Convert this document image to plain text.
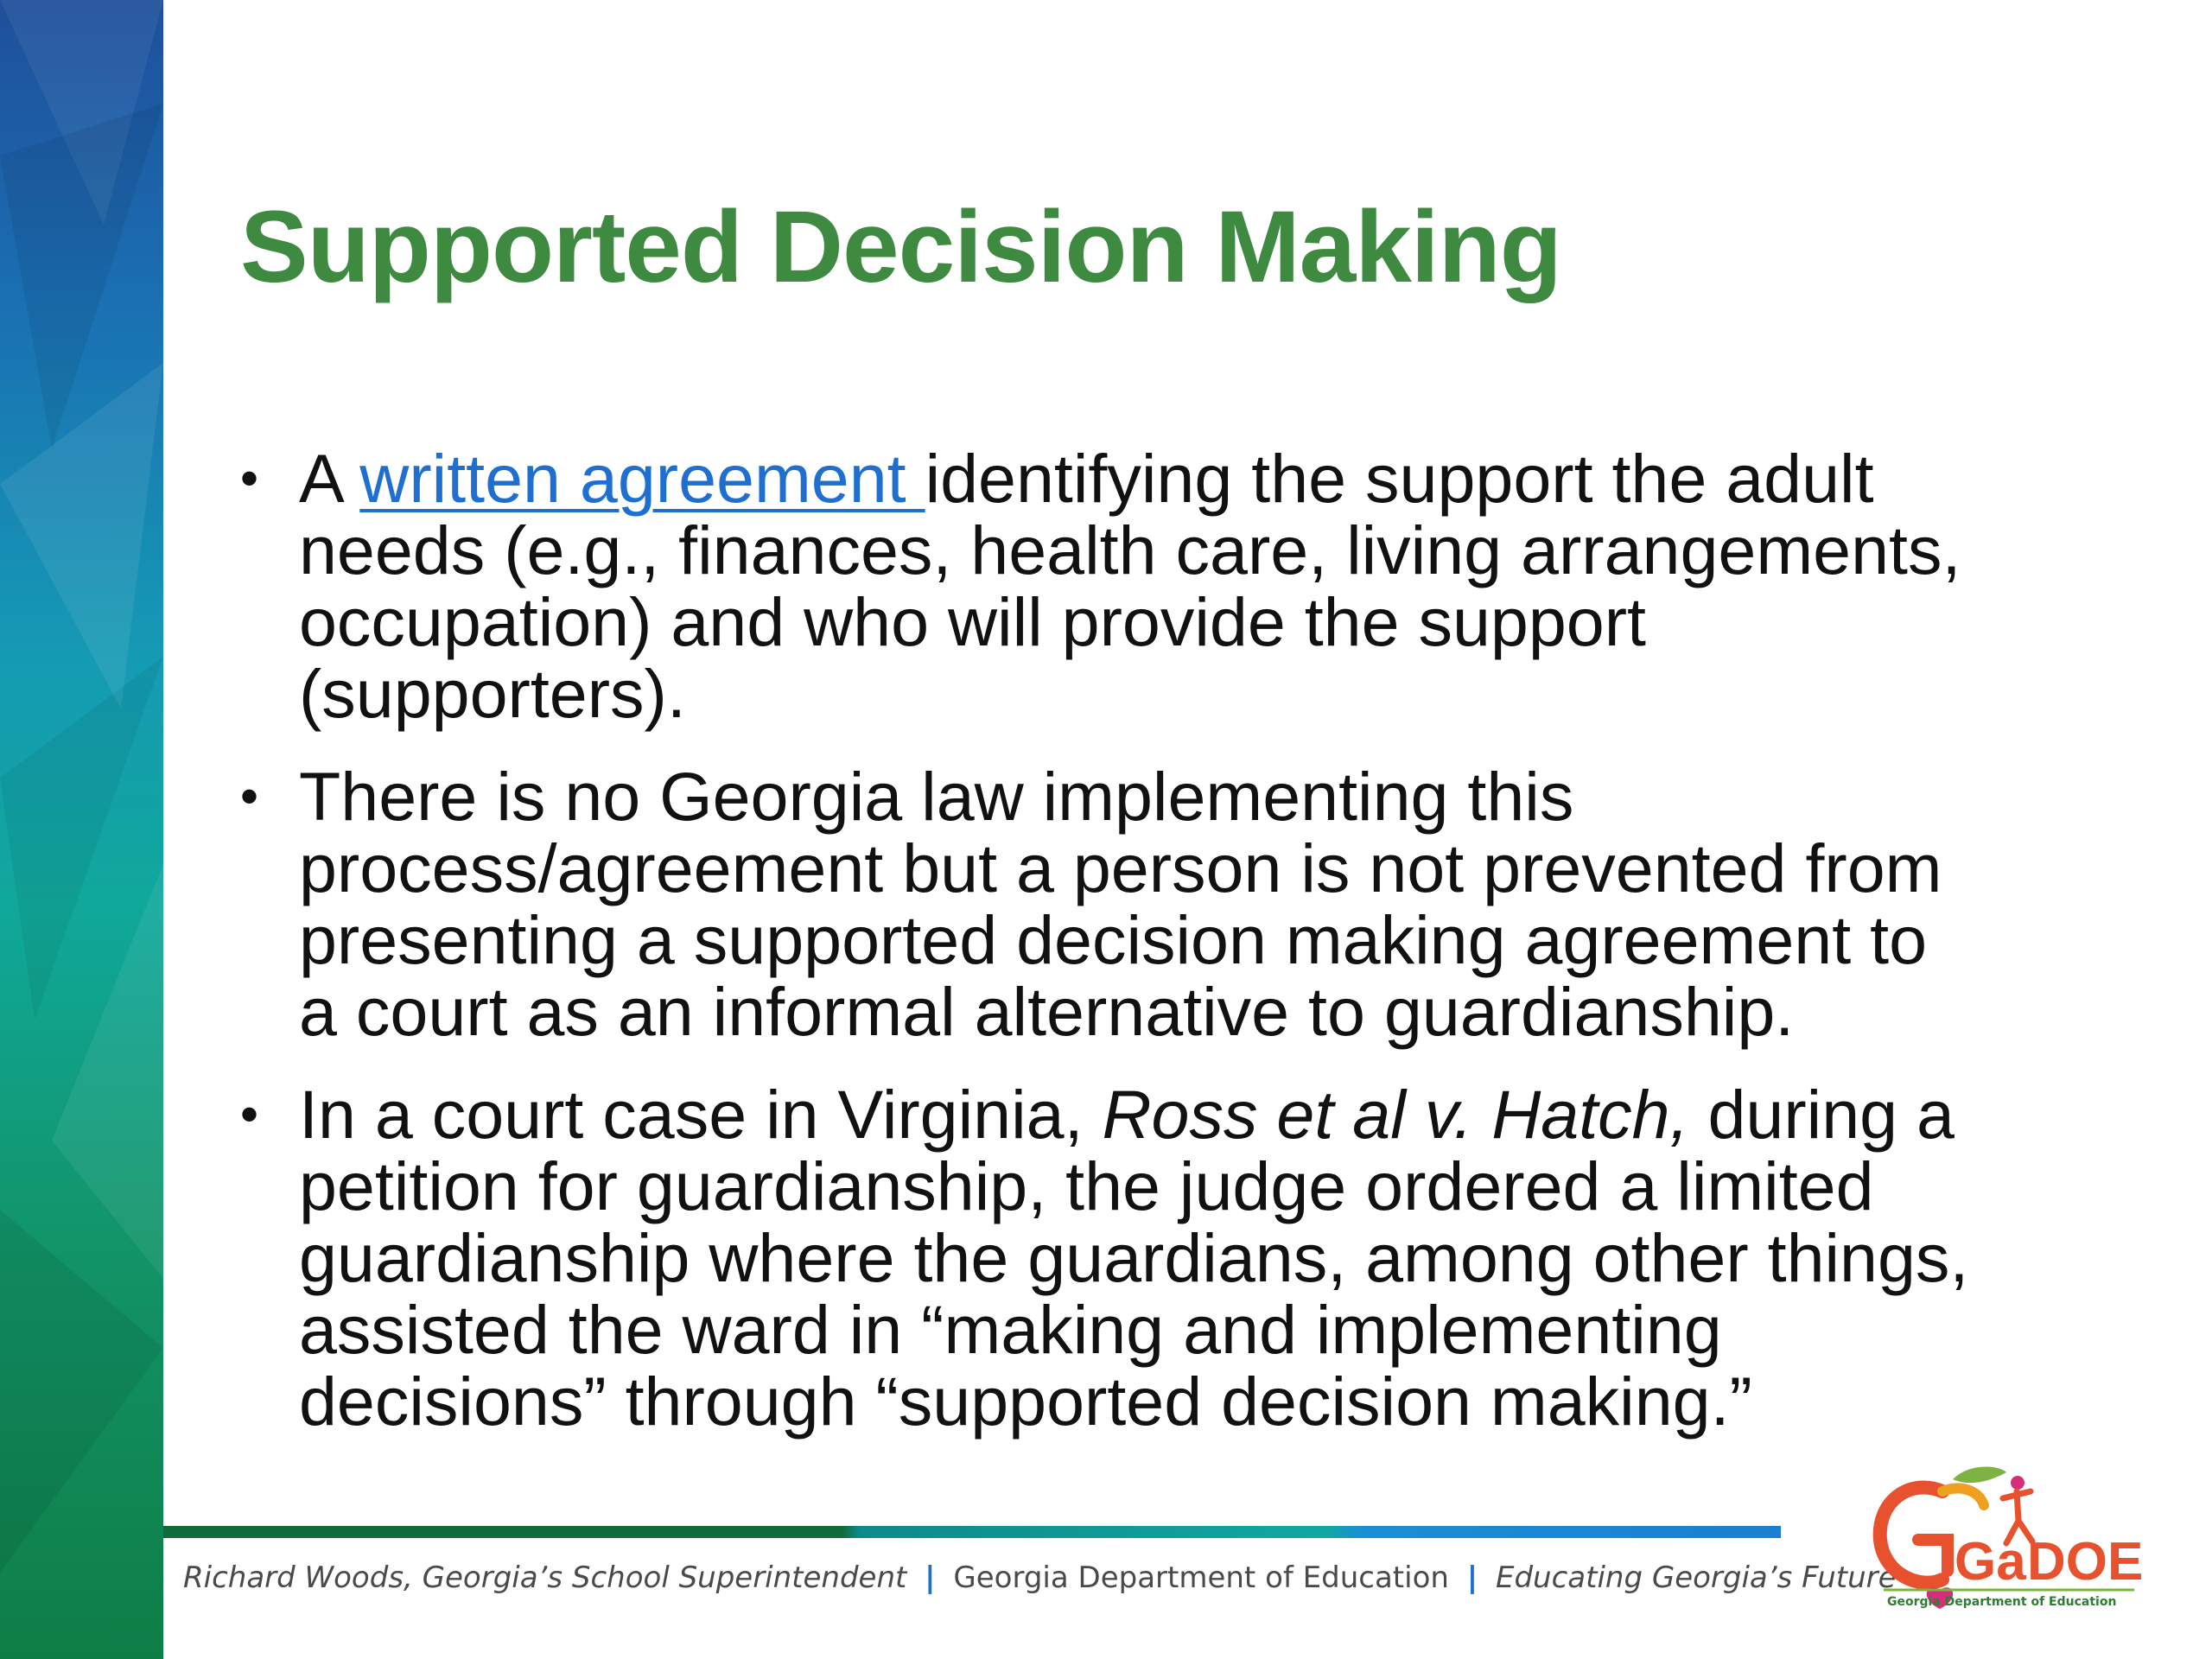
Supported Decision Making
• A written agreement identifying the support the adult
needs (e.g., finances, health care, living arrangements,
occupation) and who will provide the support
(supporters).
• There is no Georgia law implementing this
process/agreement but a person is not prevented from
presenting a supported decision making agreement to
a court as an informal alternative to guardianship.
• In a court case in Virginia, Ross et al v. Hatch, during a
petition for guardianship, the judge ordered a limited
guardianship where the guardians, among other things,
assisted the ward in “making and implementing
decisions” through “supported decision making.”
Richard Woods, Georgia’s School Superintendent | Georgia Department of Education | Educating Georgia’s Future Ga DOE
Georgia Department of Education
